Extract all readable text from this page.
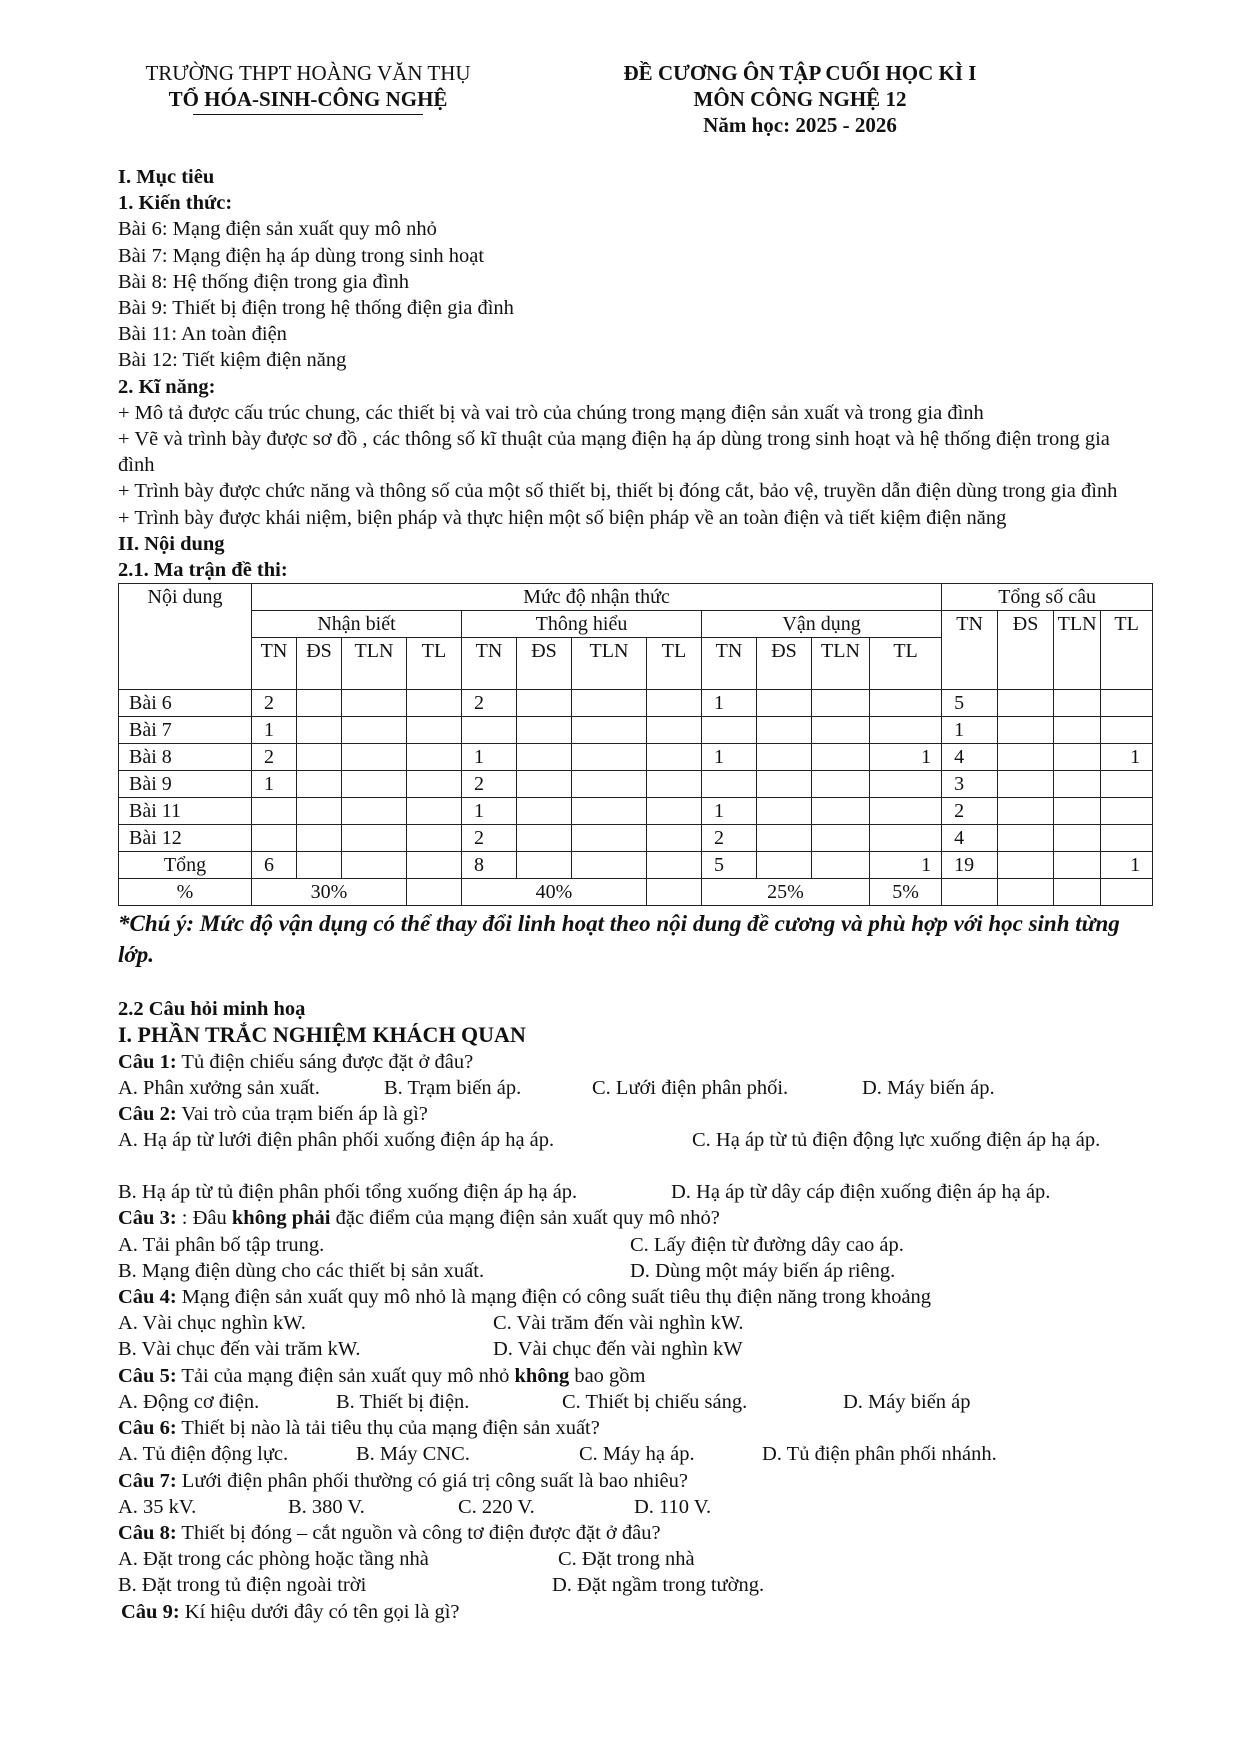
TRƯỜNG THPT HOÀNG VĂN THỤ
TỔ HÓA-SINH-CÔNG NGHỆ
ĐỀ CƯƠNG ÔN TẬP CUỐI HỌC KÌ I
MÔN CÔNG NGHỆ 12
Năm học: 2025 - 2026
I. Mục tiêu
1. Kiến thức:
Bài 6: Mạng điện sản xuất quy mô nhỏ
Bài 7: Mạng điện hạ áp dùng trong sinh hoạt
Bài 8: Hệ thống điện trong gia đình
Bài 9: Thiết bị điện trong hệ thống điện gia đình
Bài 11: An toàn điện
Bài 12: Tiết kiệm điện năng
2. Kĩ năng:
+ Mô tả được cấu trúc chung, các thiết bị và vai trò của chúng trong mạng điện sản xuất và trong gia đình
+ Vẽ và trình bày được sơ đồ , các thông số kĩ thuật của mạng điện hạ áp dùng trong sinh hoạt và hệ thống điện trong gia đình
+ Trình bày được chức năng và thông số của một số thiết bị, thiết bị đóng cắt, bảo vệ, truyền dẫn điện dùng trong gia đình
+ Trình bày được khái niệm, biện pháp và thực hiện một số biện pháp về an toàn điện và tiết kiệm điện năng
II. Nội dung
2.1. Ma trận đề thi:
Nội dung	Mức độ nhận thức												Tổng số câu			
	Nhận biết				Thông hiểu				Vận dụng				TN	ĐS	TLN	TL
	TN	ĐS	TLN	TL	TN	ĐS	TLN	TL	TN	ĐS	TLN	TL				
Bài 6	2				2				1				5			
Bài 7	1												1			
Bài 8	2				1				1			1	4			1
Bài 9	1				2								3			
Bài 11					1				1				2			
Bài 12					2				2				4			
Tổng	6				8				5			1	19			1
%	30%				40%				25%			5%				
*Chú ý: Mức độ vận dụng có thể thay đổi linh hoạt theo nội dung đề cương và phù hợp với học sinh từng lớp.
2.2 Câu hỏi minh hoạ
I. PHẦN TRẮC NGHIỆM KHÁCH QUAN
Câu 1: Tủ điện chiếu sáng được đặt ở đâu?
A. Phân xưởng sản xuất.	B. Trạm biến áp.	C. Lưới điện phân phối.	D. Máy biến áp.
Câu 2: Vai trò của trạm biến áp là gì?
A. Hạ áp từ lưới điện phân phối xuống điện áp hạ áp.	C. Hạ áp từ tủ điện động lực xuống điện áp hạ áp.
B. Hạ áp từ tủ điện phân phối tổng xuống điện áp hạ áp.	D. Hạ áp từ dây cáp điện xuống điện áp hạ áp.
Câu 3: : Đâu không phải đặc điểm của mạng điện sản xuất quy mô nhỏ?
A. Tải phân bố tập trung.	C. Lấy điện từ đường dây cao áp.
B. Mạng điện dùng cho các thiết bị sản xuất.	D. Dùng một máy biến áp riêng.
Câu 4: Mạng điện sản xuất quy mô nhỏ là mạng điện có công suất tiêu thụ điện năng trong khoảng
A. Vài chục nghìn kW.	C. Vài trăm đến vài nghìn kW.
B. Vài chục đến vài trăm kW.	D. Vài chục đến vài nghìn kW
Câu 5: Tải của mạng điện sản xuất quy mô nhỏ không bao gồm
A. Động cơ điện.	B. Thiết bị điện.	C. Thiết bị chiếu sáng.	D. Máy biến áp
Câu 6: Thiết bị nào là tải tiêu thụ của mạng điện sản xuất?
A. Tủ điện động lực.	B. Máy CNC.	C. Máy hạ áp.	D. Tủ điện phân phối nhánh.
Câu 7: Lưới điện phân phối thường có giá trị công suất là bao nhiêu?
A. 35 kV.	B. 380 V.	C. 220 V.	D. 110 V.
Câu 8: Thiết bị đóng – cắt nguồn và công tơ điện được đặt ở đâu?
A. Đặt trong các phòng hoặc tầng nhà	C. Đặt trong nhà
B. Đặt trong tủ điện ngoài trời	D. Đặt ngầm trong tường.
Câu 9: Kí hiệu dưới đây có tên gọi là gì?
